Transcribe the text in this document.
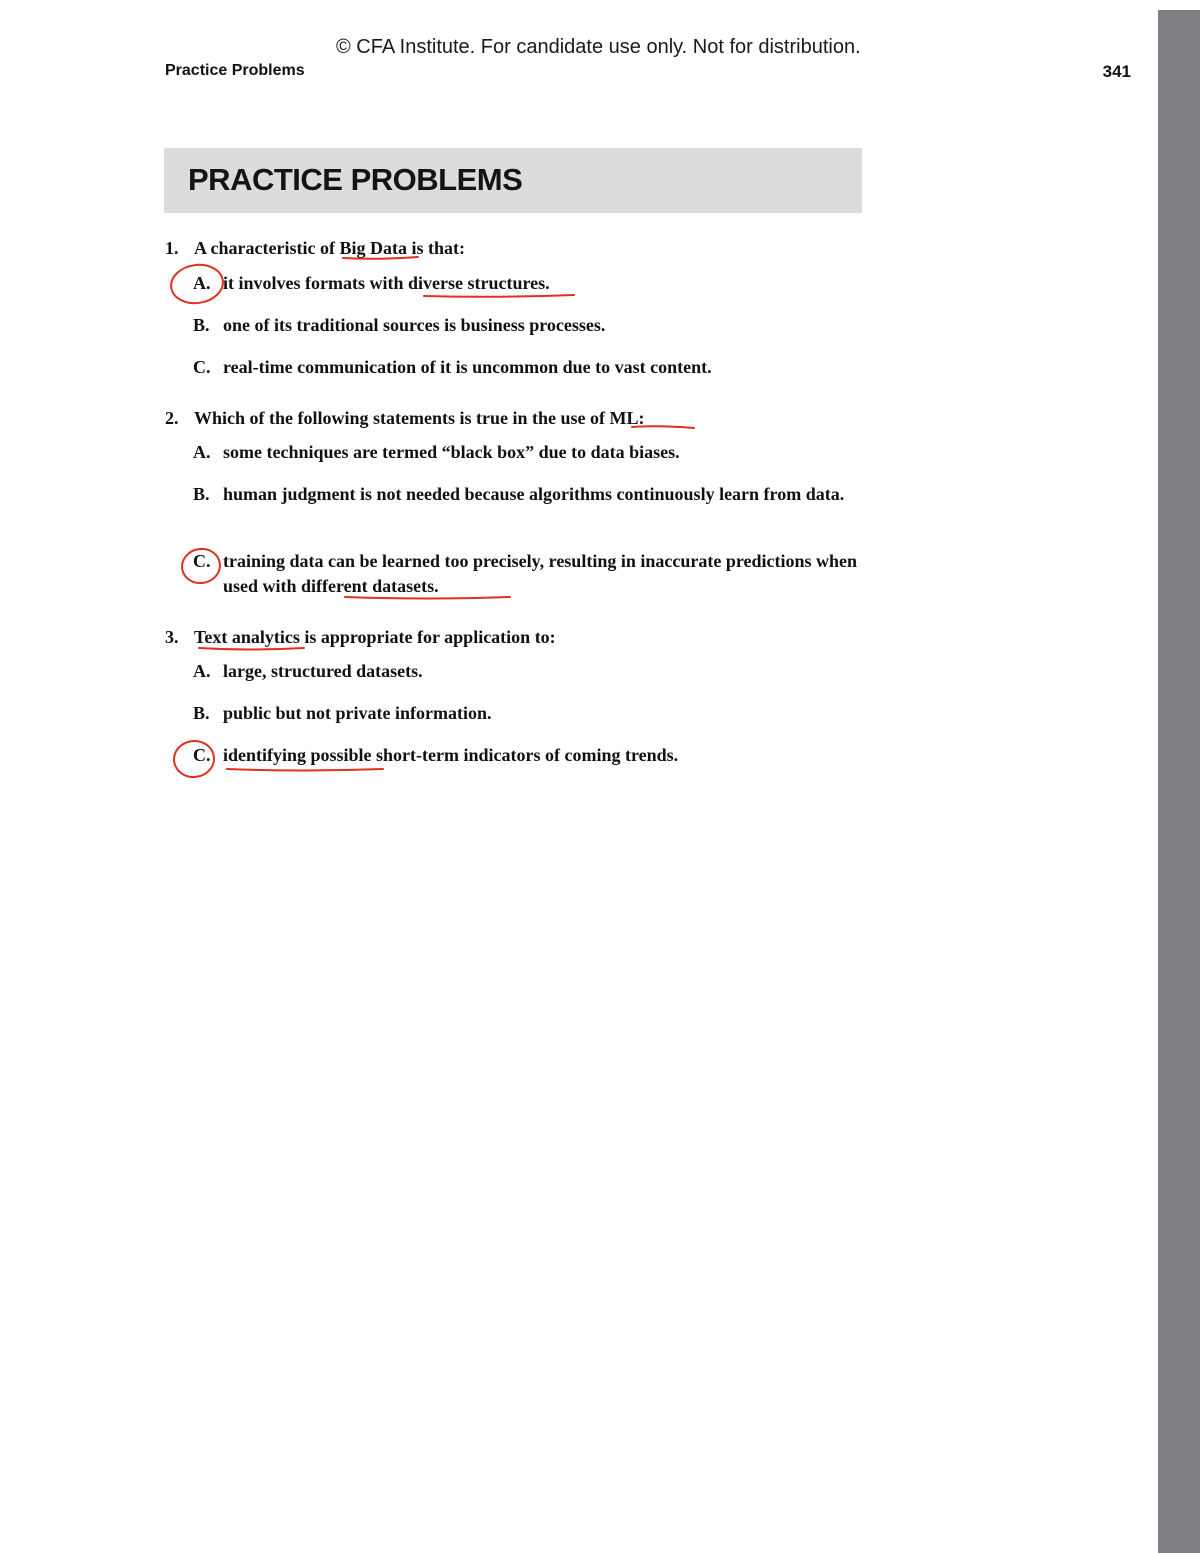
© CFA Institute. For candidate use only. Not for distribution.
Practice Problems	341
PRACTICE PROBLEMS
1. A characteristic of Big Data is that:
A. it involves formats with diverse structures.
B. one of its traditional sources is business processes.
C. real-time communication of it is uncommon due to vast content.
2. Which of the following statements is true in the use of ML:
A. some techniques are termed “black box” due to data biases.
B. human judgment is not needed because algorithms continuously learn from data.
C. training data can be learned too precisely, resulting in inaccurate predictions when used with different datasets.
3. Text analytics is appropriate for application to:
A. large, structured datasets.
B. public but not private information.
C. identifying possible short-term indicators of coming trends.
